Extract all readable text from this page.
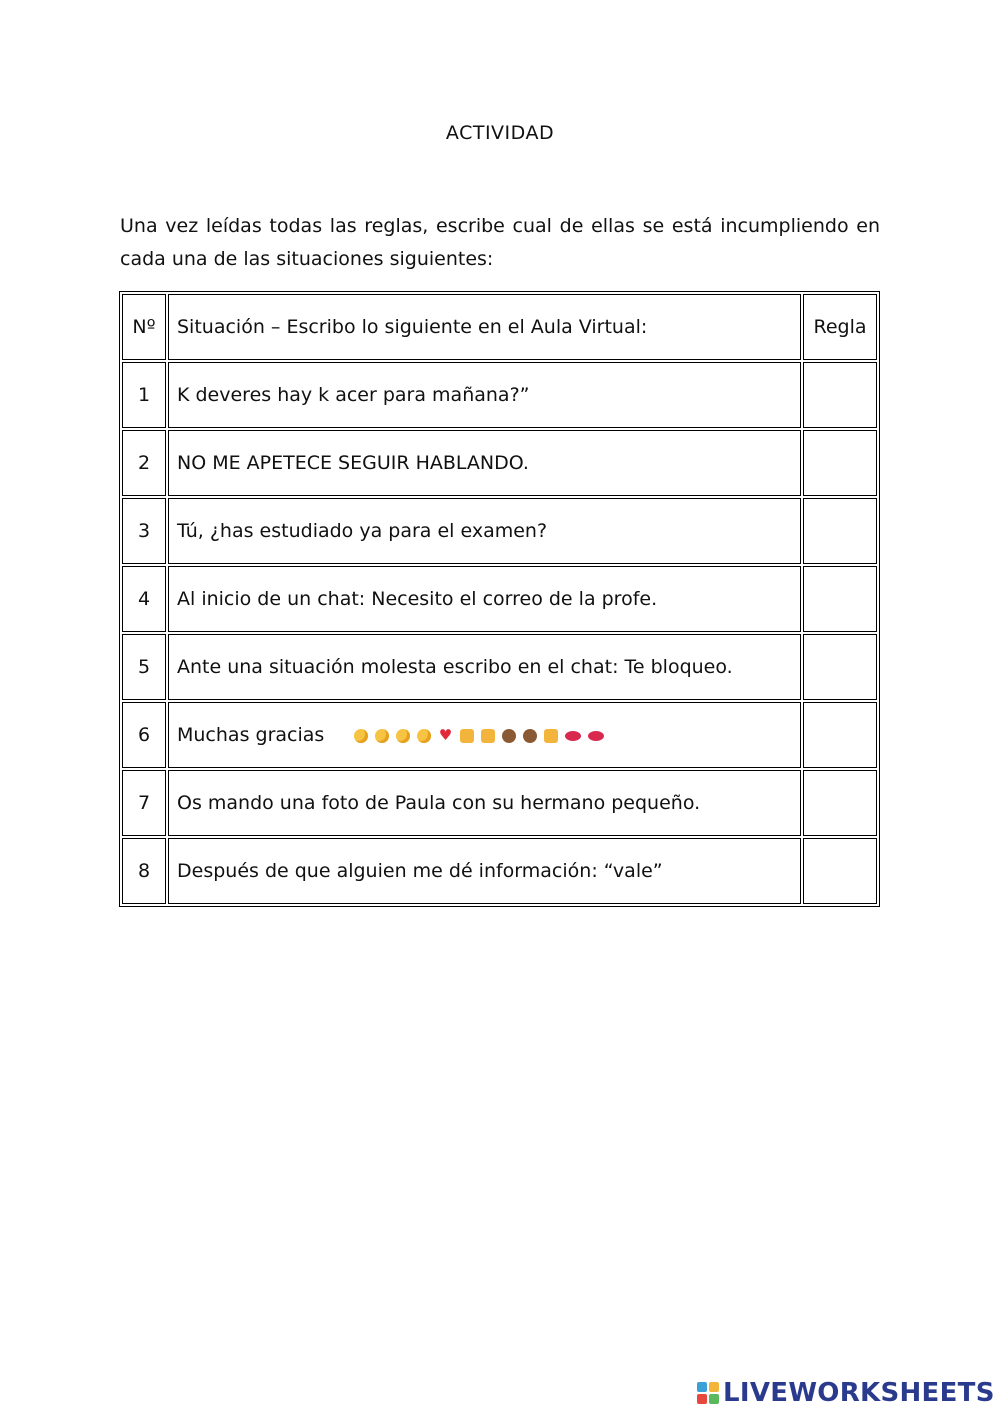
ACTIVIDAD
Una vez leídas todas las reglas, escribe cual de ellas se está incumpliendo en cada una de las situaciones siguientes:
Nº	Situación – Escribo lo siguiente en el Aula Virtual:	Regla
1	K deveres hay k acer para mañana?”	
2	NO ME APETECE SEGUIR HABLANDO.	
3	Tú, ¿has estudiado ya para el examen?	
4	Al inicio de un chat: Necesito el correo de la profe.	
5	Ante una situación molesta escribo en el chat: Te bloqueo.	
6	Muchas gracias ♥	
7	Os mando una foto de Paula con su hermano pequeño.	
8	Después de que alguien me dé información: “vale”	
LIVEWORKSHEETS
